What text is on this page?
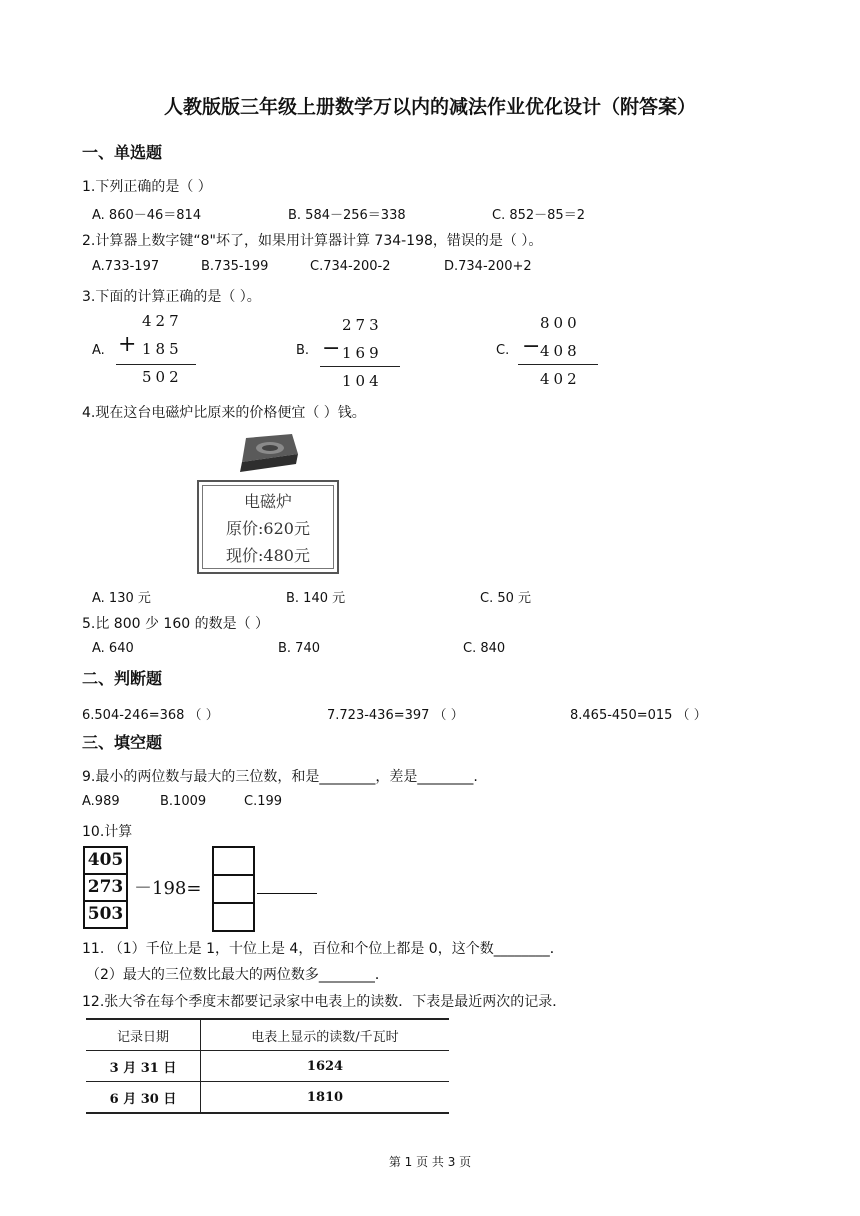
人教版版三年级上册数学万以内的减法作业优化设计（附答案）
一、单选题
1.下列正确的是（ ）
A. 860－46＝814	B. 584－256＝338	C. 852－85＝2
2.计算器上数字键“8"坏了，如果用计算器计算 734-198，错误的是（ ）。
A.733-197	B.735-199	C.734-200-2	D.734-200+2
3.下面的计算正确的是（ ）。
A.
427
+ 185
502
B.
273
−
169
104
C.
800
−
408
402
4.现在这台电磁炉比原来的价格便宜（ ）钱。
电磁炉
原价:620元
现价:480元
A. 130 元	B. 140 元	C. 50 元
5.比 800 少 160 的数是（ ）
A. 640	B. 740	C. 840
二、判断题
6.504-246=368 （ ）	7.723-436=397 （ ）	8.465-450=015 （ ）
三、填空题
9.最小的两位数与最大的三位数，和是________，差是________.
A.989	B.1009	C.199
10.计算
405
273
503
－198=
11. （1）千位上是 1，十位上是 4，百位和个位上都是 0，这个数________．
（2）最大的三位数比最大的两位数多________．
12.张大爷在每个季度末都要记录家中电表上的读数．下表是最近两次的记录．
记录日期	电表上显示的读数/千瓦时
3 月 31 日	1624
6 月 30 日	1810
第 1 页 共 3 页
